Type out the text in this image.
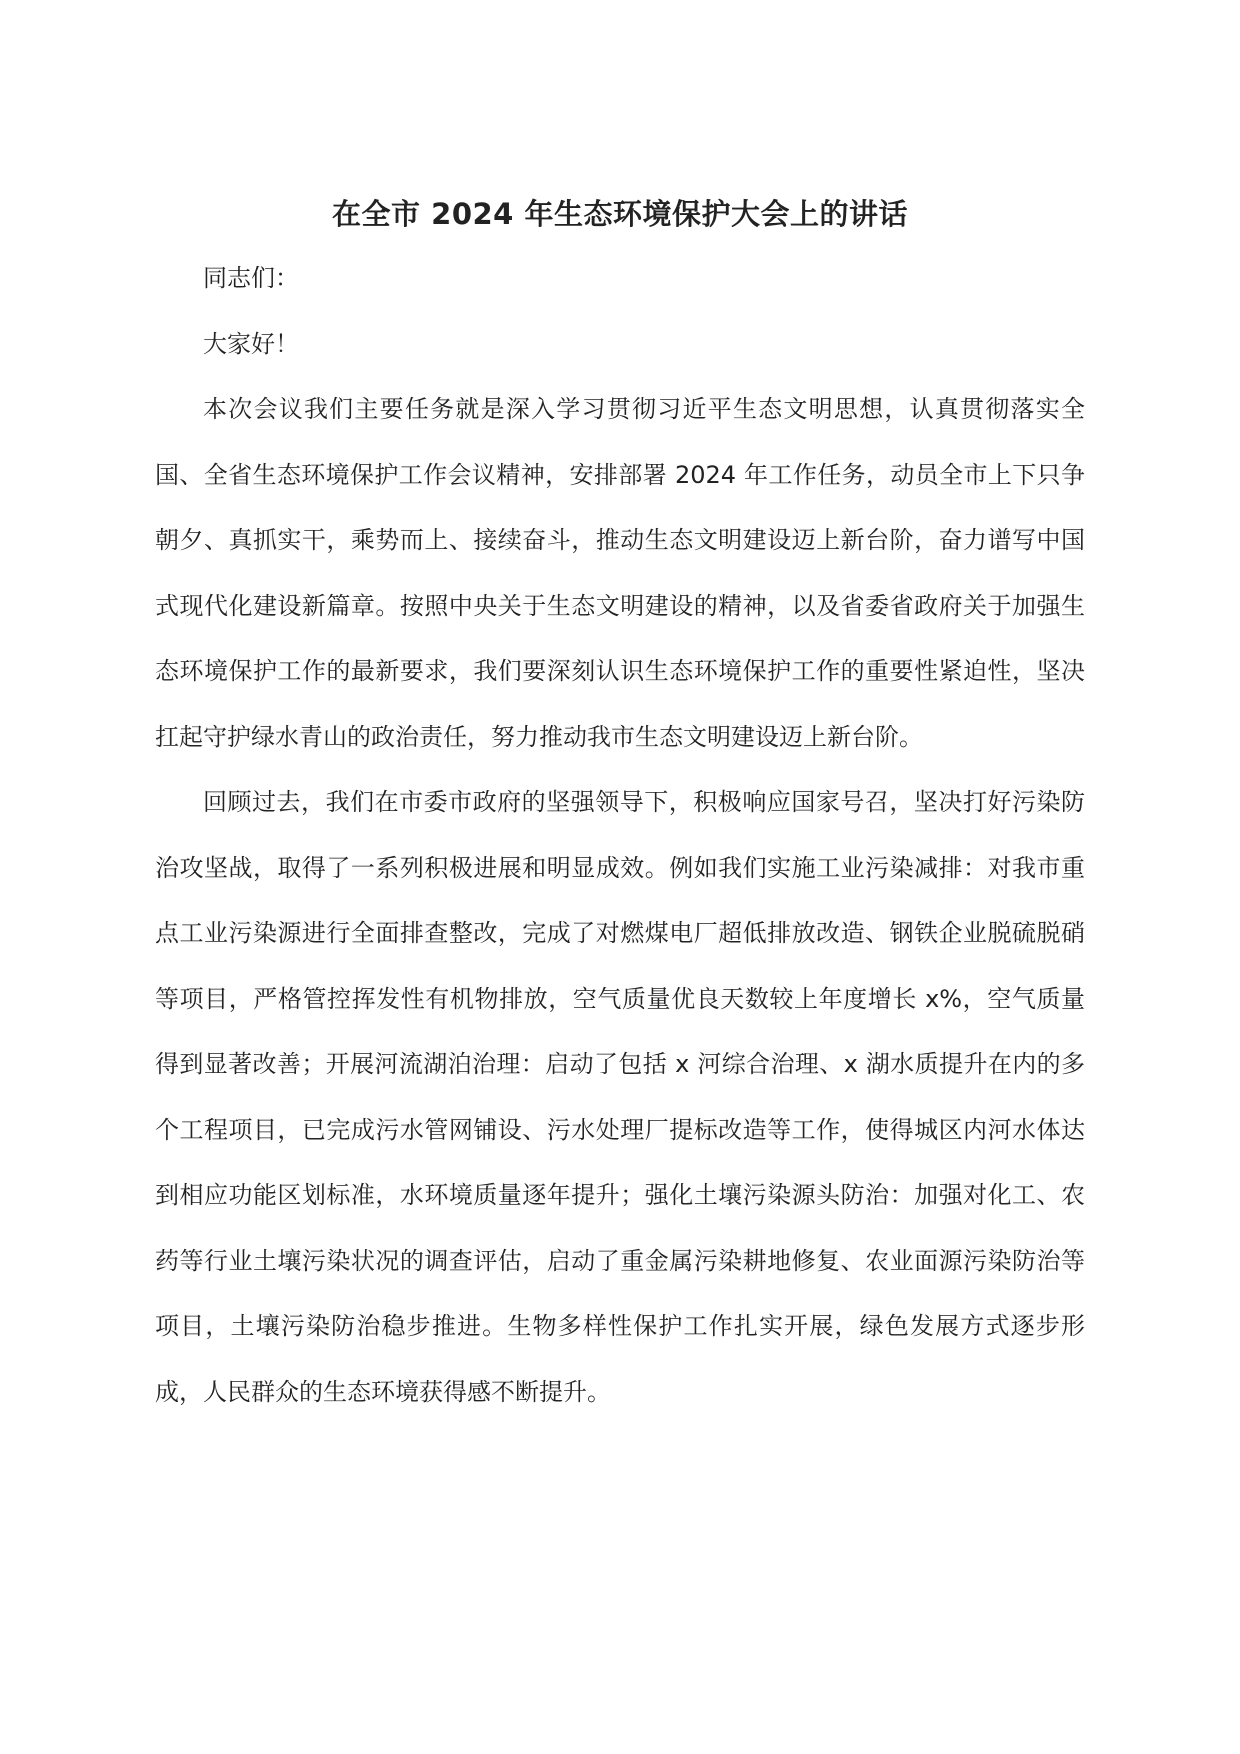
在全市 2024 年生态环境保护大会上的讲话

同志们：

大家好！

本次会议我们主要任务就是深入学习贯彻习近平生态文明思想，认真贯彻落实全国、全省生态环境保护工作会议精神，安排部署 2024 年工作任务，动员全市上下只争朝夕、真抓实干，乘势而上、接续奋斗，推动生态文明建设迈上新台阶，奋力谱写中国式现代化建设新篇章。按照中央关于生态文明建设的精神，以及省委省政府关于加强生态环境保护工作的最新要求，我们要深刻认识生态环境保护工作的重要性紧迫性，坚决扛起守护绿水青山的政治责任，努力推动我市生态文明建设迈上新台阶。

回顾过去，我们在市委市政府的坚强领导下，积极响应国家号召，坚决打好污染防治攻坚战，取得了一系列积极进展和明显成效。例如我们实施工业污染减排：对我市重点工业污染源进行全面排查整改，完成了对燃煤电厂超低排放改造、钢铁企业脱硫脱硝等项目，严格管控挥发性有机物排放，空气质量优良天数较上年度增长 x%，空气质量得到显著改善；开展河流湖泊治理：启动了包括 x 河综合治理、x 湖水质提升在内的多个工程项目，已完成污水管网铺设、污水处理厂提标改造等工作，使得城区内河水体达到相应功能区划标准，水环境质量逐年提升；强化土壤污染源头防治：加强对化工、农药等行业土壤污染状况的调查评估，启动了重金属污染耕地修复、农业面源污染防治等项目，土壤污染防治稳步推进。生物多样性保护工作扎实开展，绿色发展方式逐步形成，人民群众的生态环境获得感不断提升。
